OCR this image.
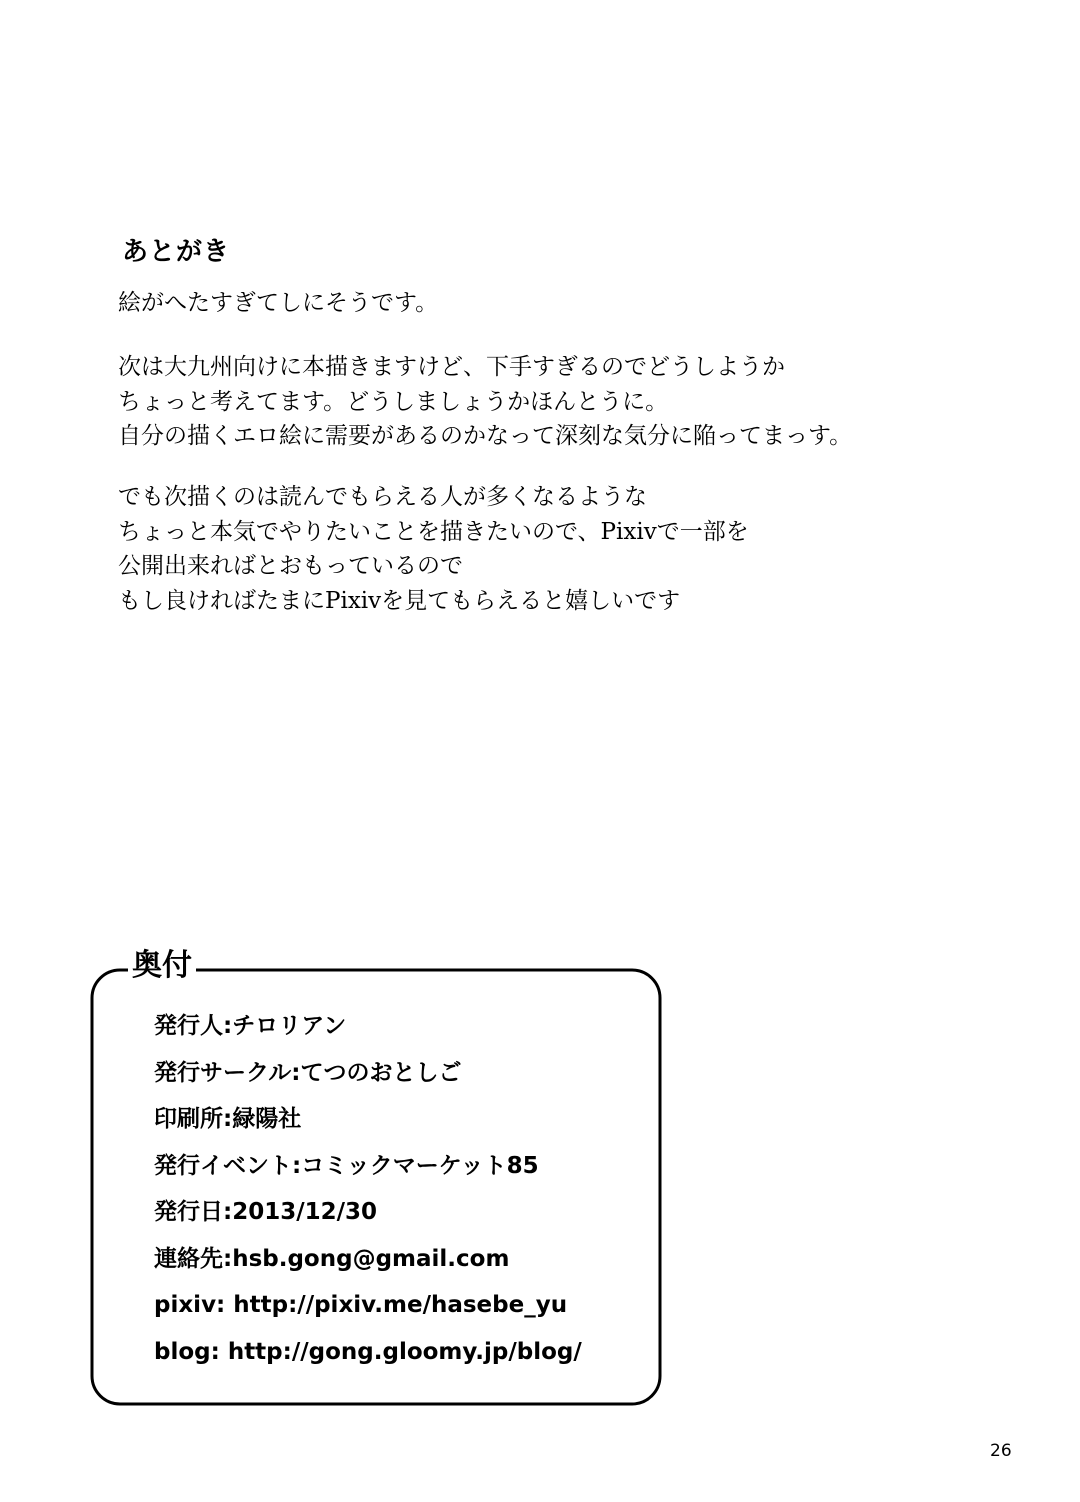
あとがき

絵がへたすぎてしにそうです。

次は大九州向けに本描きますけど、下手すぎるのでどうしようか
ちょっと考えてます。どうしましょうかほんとうに。
自分の描くエロ絵に需要があるのかなって深刻な気分に陥ってまっす。

でも次描くのは読んでもらえる人が多くなるような
ちょっと本気でやりたいことを描きたいので、Pixivで一部を
公開出来ればとおもっているので
もし良ければたまにPixivを見てもらえると嬉しいです

奥付
発行人:チロリアン
発行サークル:てつのおとしご
印刷所:緑陽社
発行イベント:コミックマーケット85
発行日:2013/12/30
連絡先:hsb.gong@gmail.com
pixiv: http://pixiv.me/hasebe_yu
blog: http://gong.gloomy.jp/blog/
26
